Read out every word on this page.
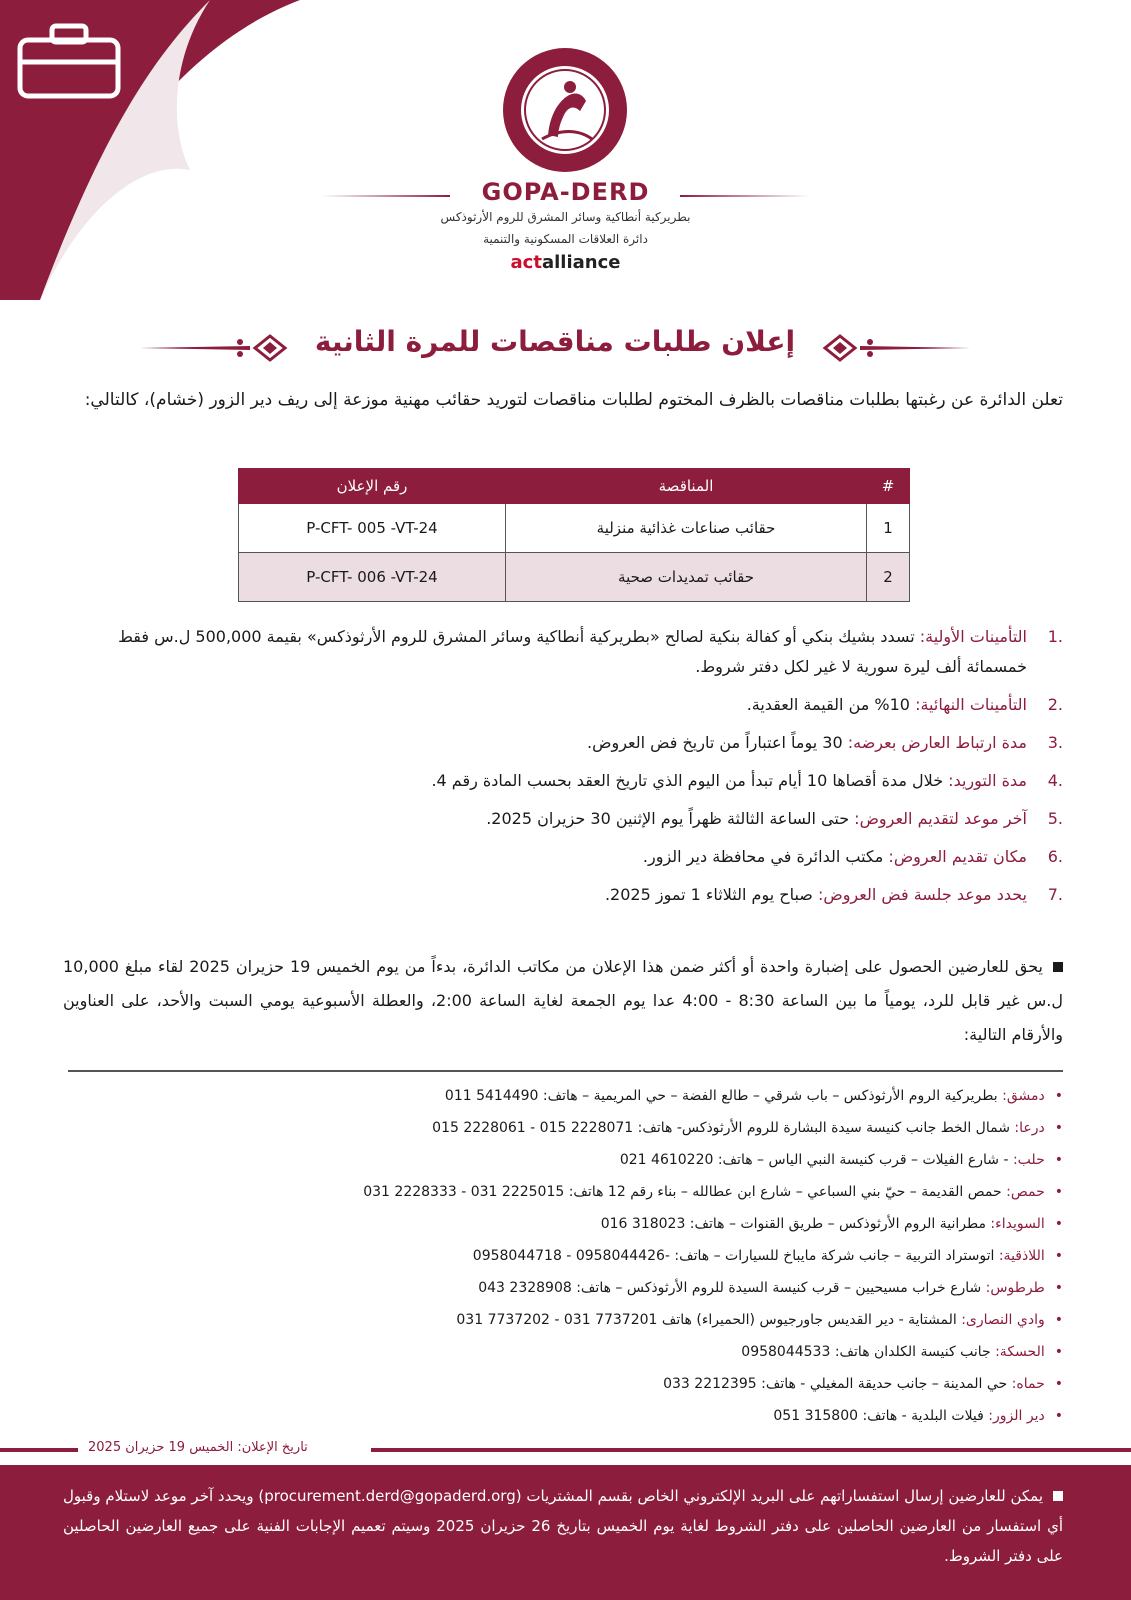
GOPA-DERD
بطريركية أنطاكية وسائر المشرق للروم الأرثوذكس
دائرة العلاقات المسكونية والتنمية
actalliance
إعلان طلبات مناقصات للمرة الثانية
تعلن الدائرة عن رغبتها بطلبات مناقصات بالظرف المختوم لطلبات مناقصات لتوريد حقائب مهنية موزعة إلى ريف دير الزور (خشام)، كالتالي:
#	المناقصة	رقم الإعلان
1	حقائب صناعات غذائية منزلية	P-CFT- 005 -VT-24
2	حقائب تمديدات صحية	P-CFT- 006 -VT-24
.1
التأمينات الأولية: تسدد بشيك بنكي أو كفالة بنكية لصالح «بطريركية أنطاكية وسائر المشرق للروم الأرثوذكس» بقيمة 500,000 ل.س فقط خمسمائة ألف ليرة سورية لا غير لكل دفتر شروط.
.2
التأمينات النهائية: 10% من القيمة العقدية.
.3
مدة ارتباط العارض بعرضه: 30 يوماً اعتباراً من تاريخ فض العروض.
.4
مدة التوريد: خلال مدة أقصاها 10 أيام تبدأ من اليوم الذي تاريخ العقد بحسب المادة رقم 4.
.5
آخر موعد لتقديم العروض: حتى الساعة الثالثة ظهراً يوم الإثنين 30 حزيران 2025.
.6
مكان تقديم العروض: مكتب الدائرة في محافظة دير الزور.
.7
يحدد موعد جلسة فض العروض: صباح يوم الثلاثاء 1 تموز 2025.
يحق للعارضين الحصول على إضبارة واحدة أو أكثر ضمن هذا الإعلان من مكاتب الدائرة، بدءاً من يوم الخميس 19 حزيران 2025 لقاء مبلغ 10,000 ل.س غير قابل للرد، يومياً ما بين الساعة 8:30 - 4:00 عدا يوم الجمعة لغاية الساعة 2:00، والعطلة الأسبوعية يومي السبت والأحد، على العناوين والأرقام التالية:
•دمشق: بطريركية الروم الأرثوذكس – باب شرقي – طالع الفضة – حي المريمية – هاتف: 5414490 011
•درعا: شمال الخط جانب كنيسة سيدة البشارة للروم الأرثوذكس- هاتف: 2228071 015 - 2228061 015
•حلب: - شارع الفيلات – قرب كنيسة النبي الياس – هاتف: 4610220 021
•حمص: حمص القديمة – حيّ بني السباعي – شارع ابن عطالله – بناء رقم 12 هاتف: 2225015 031 - 2228333 031
•السويداء: مطرانية الروم الأرثوذكس – طريق القنوات – هاتف: 318023 016
•اللاذقية: اتوستراد التربية – جانب شركة مايباخ للسيارات – هاتف: -0958044426 - 0958044718
•طرطوس: شارع خراب مسيحيين – قرب كنيسة السيدة للروم الأرثوذكس – هاتف: 2328908 043
•وادي النصارى: المشتاية - دير القديس جاورجيوس (الحميراء) هاتف 7737201 031 - 7737202 031
•الحسكة: جانب كنيسة الكلدان هاتف: 0958044533
•حماه: حي المدينة – جانب حديقة المغيلي - هاتف: 2212395 033
•دير الزور: فيلات البلدية - هاتف: 315800 051
تاريخ الإعلان: الخميس 19 حزيران 2025

يمكن للعارضين إرسال استفساراتهم على البريد الإلكتروني الخاص بقسم المشتريات (procurement.derd@gopaderd.org) ويحدد آخر موعد لاستلام وقبول أي استفسار من العارضين الحاصلين على دفتر الشروط لغاية يوم الخميس بتاريخ 26 حزيران 2025 وسيتم تعميم الإجابات الفنية على جميع العارضين الحاصلين على دفتر الشروط.
